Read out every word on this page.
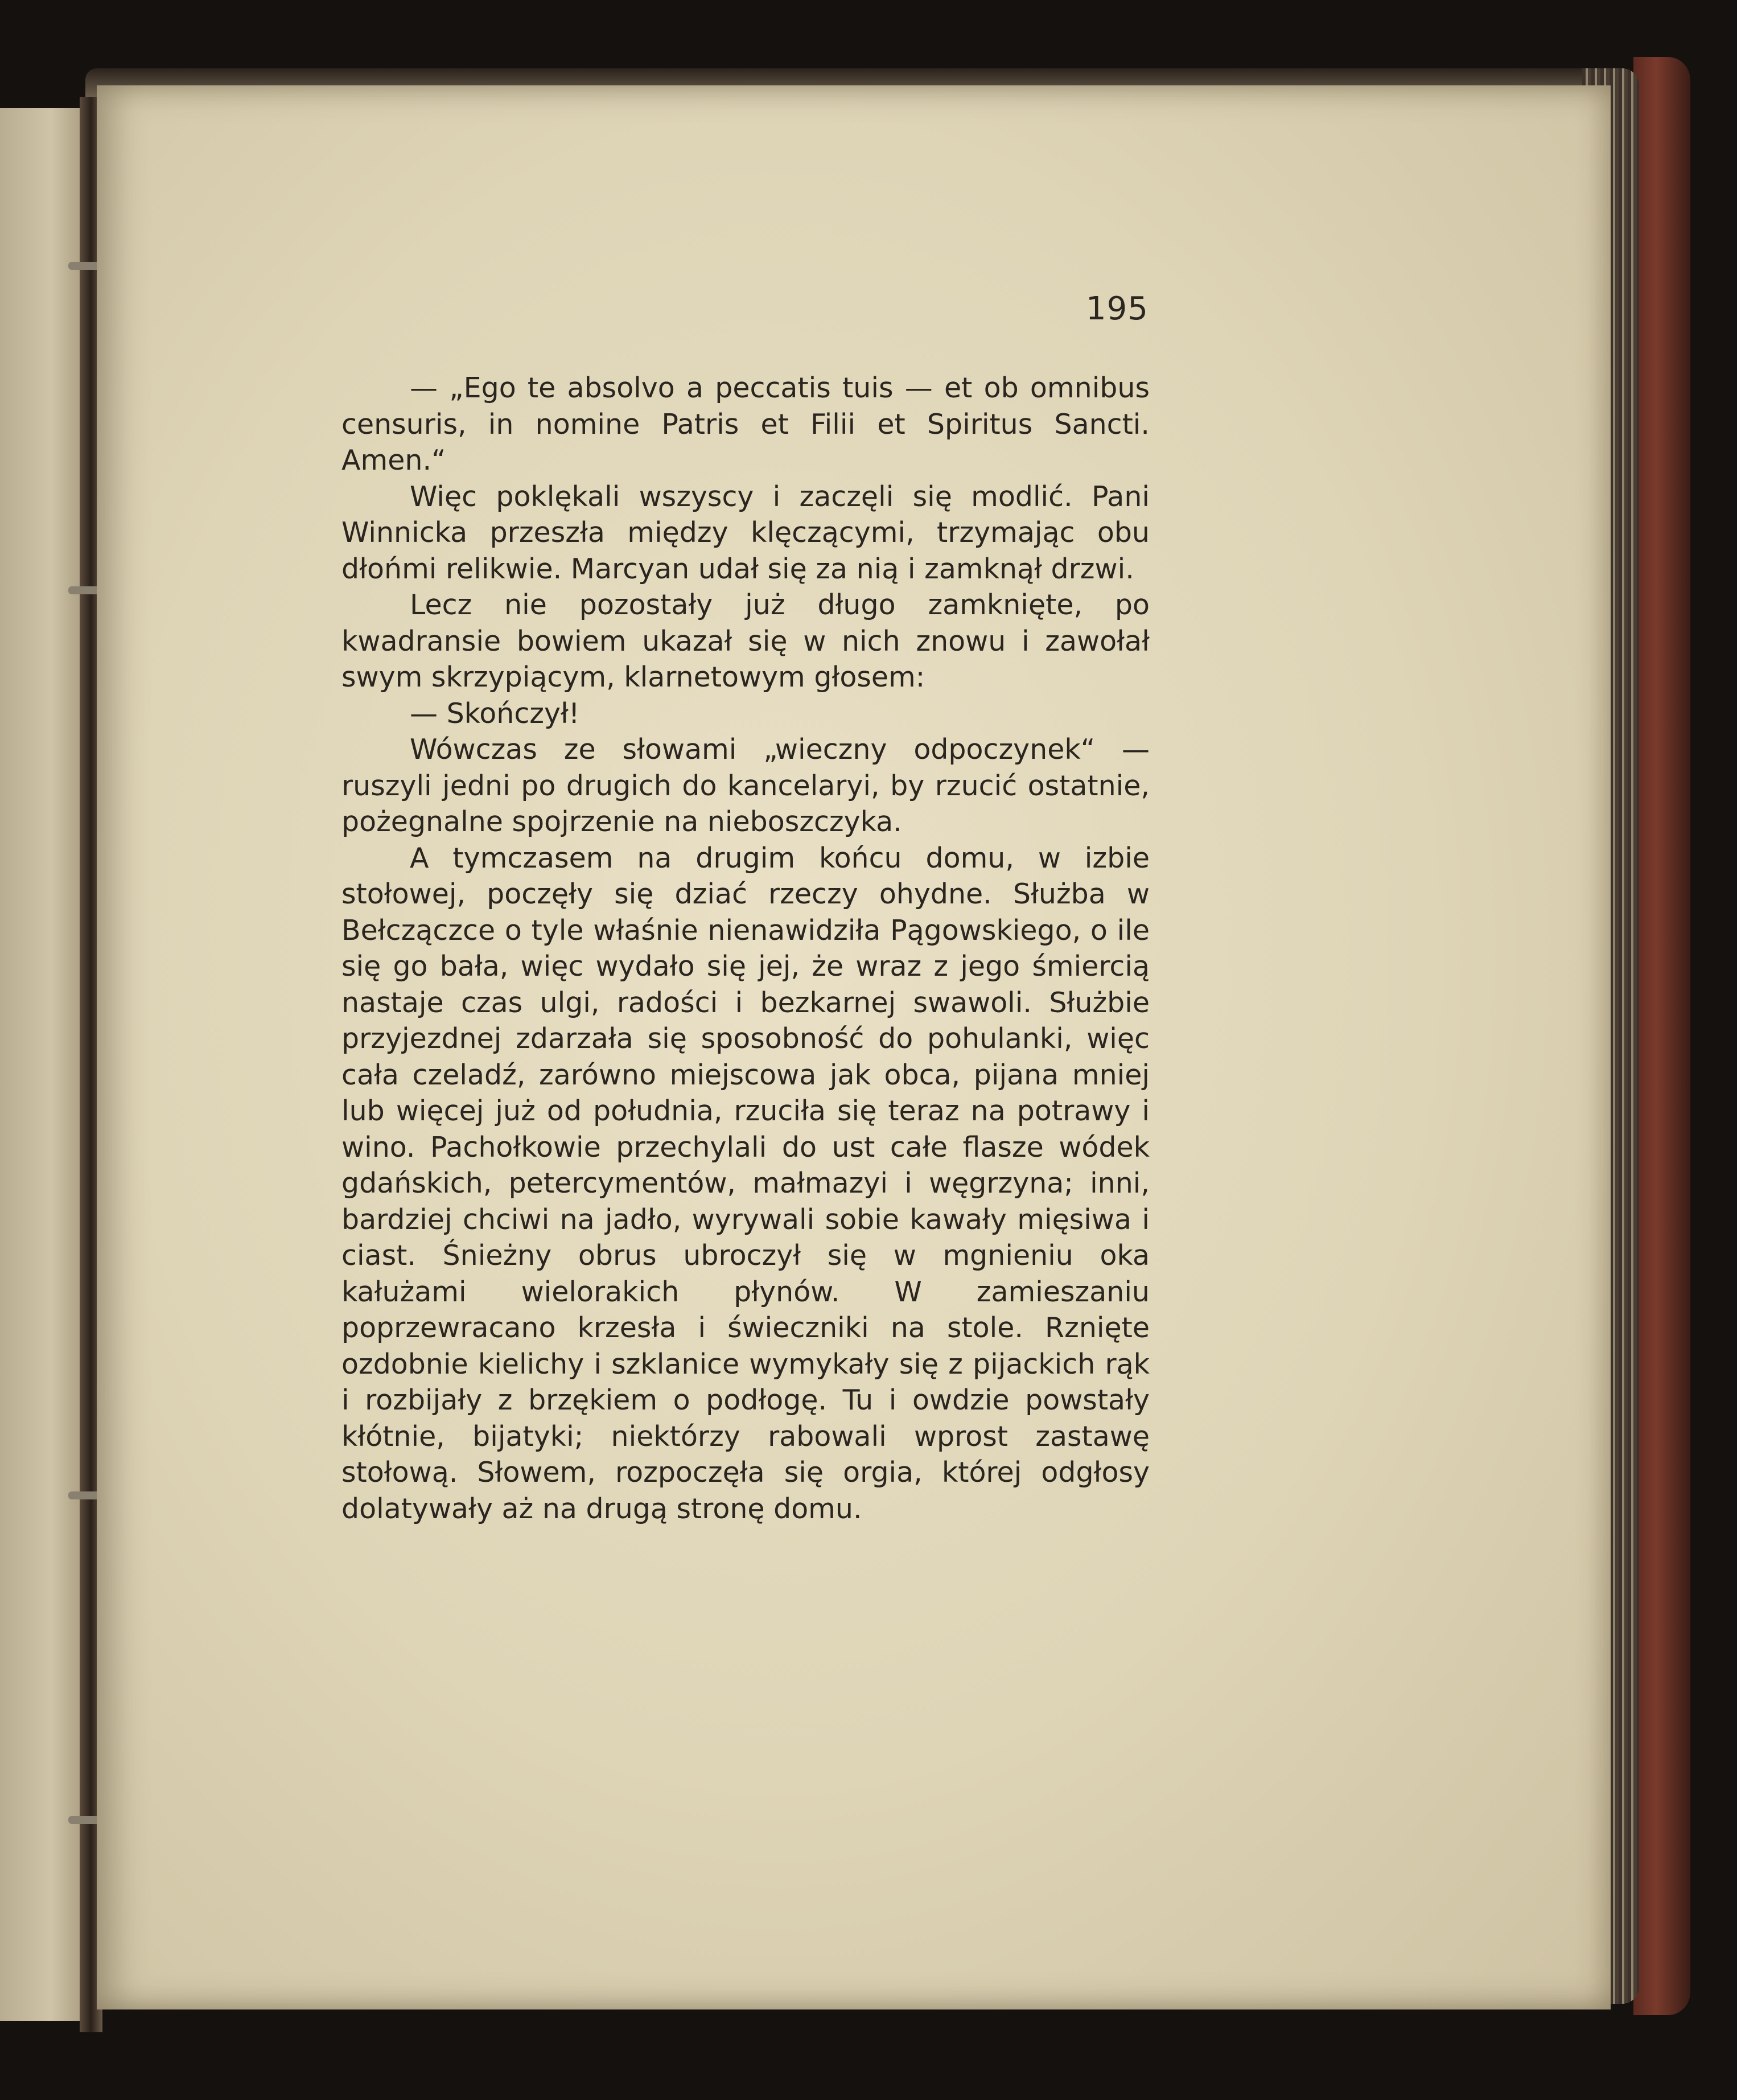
195

— „Ego te absolvo a peccatis tuis — et ob omnibus censuris, in nomine Patris et Filii et Spiritus Sancti. Amen.“

Więc poklękali wszyscy i zaczęli się modlić. Pani Winnicka przeszła między klęczącymi, trzymając obu dłońmi relikwie. Marcyan udał się za nią i zamknął drzwi.

Lecz nie pozostały już długo zamknięte, po kwadransie bowiem ukazał się w nich znowu i zawołał swym skrzypiącym, klarnetowym głosem:

— Skończył!

Wówczas ze słowami „wieczny odpoczynek“ — ruszyli jedni po drugich do kancelaryi, by rzucić ostatnie, pożegnalne spojrzenie na nieboszczyka.

A tymczasem na drugim końcu domu, w izbie stołowej, poczęły się dziać rzeczy ohydne. Służba w Bełczączce o tyle właśnie nienawidziła Pągowskiego, o ile się go bała, więc wydało się jej, że wraz z jego śmiercią nastaje czas ulgi, radości i bezkarnej swawoli. Służbie przyjezdnej zdarzała się sposobność do pohulanki, więc cała czeladź, zarówno miejscowa jak obca, pijana mniej lub więcej już od południa, rzuciła się teraz na potrawy i wino. Pachołkowie przechylali do ust całe flasze wódek gdańskich, petercymentów, małmazyi i węgrzyna; inni, bardziej chciwi na jadło, wyrywali sobie kawały mięsiwa i ciast. Śnieżny obrus ubroczył się w mgnieniu oka kałużami wielorakich płynów. W zamieszaniu poprzewracano krzesła i świeczniki na stole. Rznięte ozdobnie kielichy i szklanice wymykały się z pijackich rąk i rozbijały z brzękiem o podłogę. Tu i owdzie powstały kłótnie, bijatyki; niektórzy rabowali wprost zastawę stołową. Słowem, rozpoczęła się orgia, której odgłosy dolatywały aż na drugą stronę domu.
